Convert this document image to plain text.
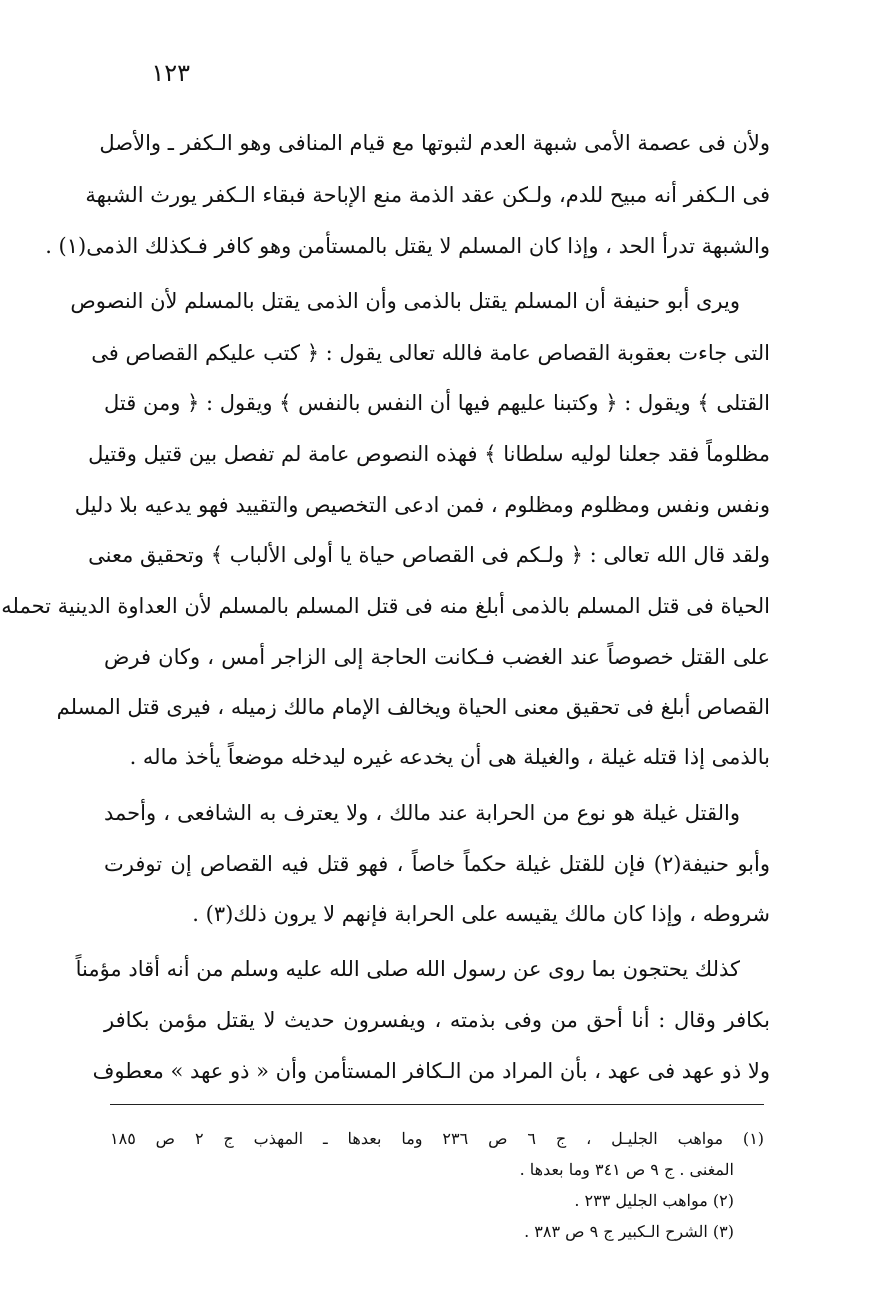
١٢٣
ولأن فى عصمة الأمى شبهة العدم لثبوتها مع قيام المنافى وهو الـكفر ـ والأصل
فى الـكفر أنه مبيح للدم، ولـكن عقد الذمة منع الإباحة فبقاء الـكفر يورث الشبهة
والشبهة تدرأ الحد ، وإذا كان المسلم لا يقتل بالمستأمن وهو كافر فـكذلك الذمى(١) .
ويرى أبو حنيفة أن المسلم يقتل بالذمى وأن الذمى يقتل بالمسلم لأن النصوص
التى جاءت بعقوبة القصاص عامة فالله تعالى يقول : ﴿ كتب عليكم القصاص فى
القتلى ﴾ ويقول : ﴿ وكتبنا عليهم فيها أن النفس بالنفس ﴾ ويقول : ﴿ ومن قتل
مظلوماً فقد جعلنا لوليه سلطانا ﴾ فهذه النصوص عامة لم تفصل بين قتيل وقتيل
ونفس ونفس ومظلوم ومظلوم ، فمن ادعى التخصيص والتقييد فهو يدعيه بلا دليل
ولقد قال الله تعالى : ﴿ ولـكم فى القصاص حياة يا أولى الألباب ﴾ وتحقيق معنى
الحياة فى قتل المسلم بالذمى أبلغ منه فى قتل المسلم بالمسلم لأن العداوة الدينية تحمله
على القتل خصوصاً عند الغضب فـكانت الحاجة إلى الزاجر أمس ، وكان فرض
القصاص أبلغ فى تحقيق معنى الحياة ويخالف الإمام مالك زميله ، فيرى قتل المسلم
بالذمى إذا قتله غيلة ، والغيلة هى أن يخدعه غيره ليدخله موضعاً يأخذ ماله .
والقتل غيلة هو نوع من الحرابة عند مالك ، ولا يعترف به الشافعى ، وأحمد
وأبو حنيفة(٢) فإن للقتل غيلة حكماً خاصاً ، فهو قتل فيه القصاص إن توفرت
شروطه ، وإذا كان مالك يقيسه على الحرابة فإنهم لا يرون ذلك(٣) .
كذلك يحتجون بما روى عن رسول الله صلى الله عليه وسلم من أنه أقاد مؤمناً
بكافر وقال : أنا أحق من وفى بذمته ، ويفسرون حديث لا يقتل مؤمن بكافر
ولا ذو عهد فى عهد ، بأن المراد من الـكافر المستأمن وأن « ذو عهد » معطوف
(١) مواهب الجليـل ، ج ٦ ص ٢٣٦ وما بعدها ـ المهذب ج ٢ ص ١٨٥
المغنى . ج ٩ ص ٣٤١ وما بعدها .
(٢) مواهب الجليل ٢٣٣ .
(٣) الشرح الـكبير ج ٩ ص ٣٨٣ .
